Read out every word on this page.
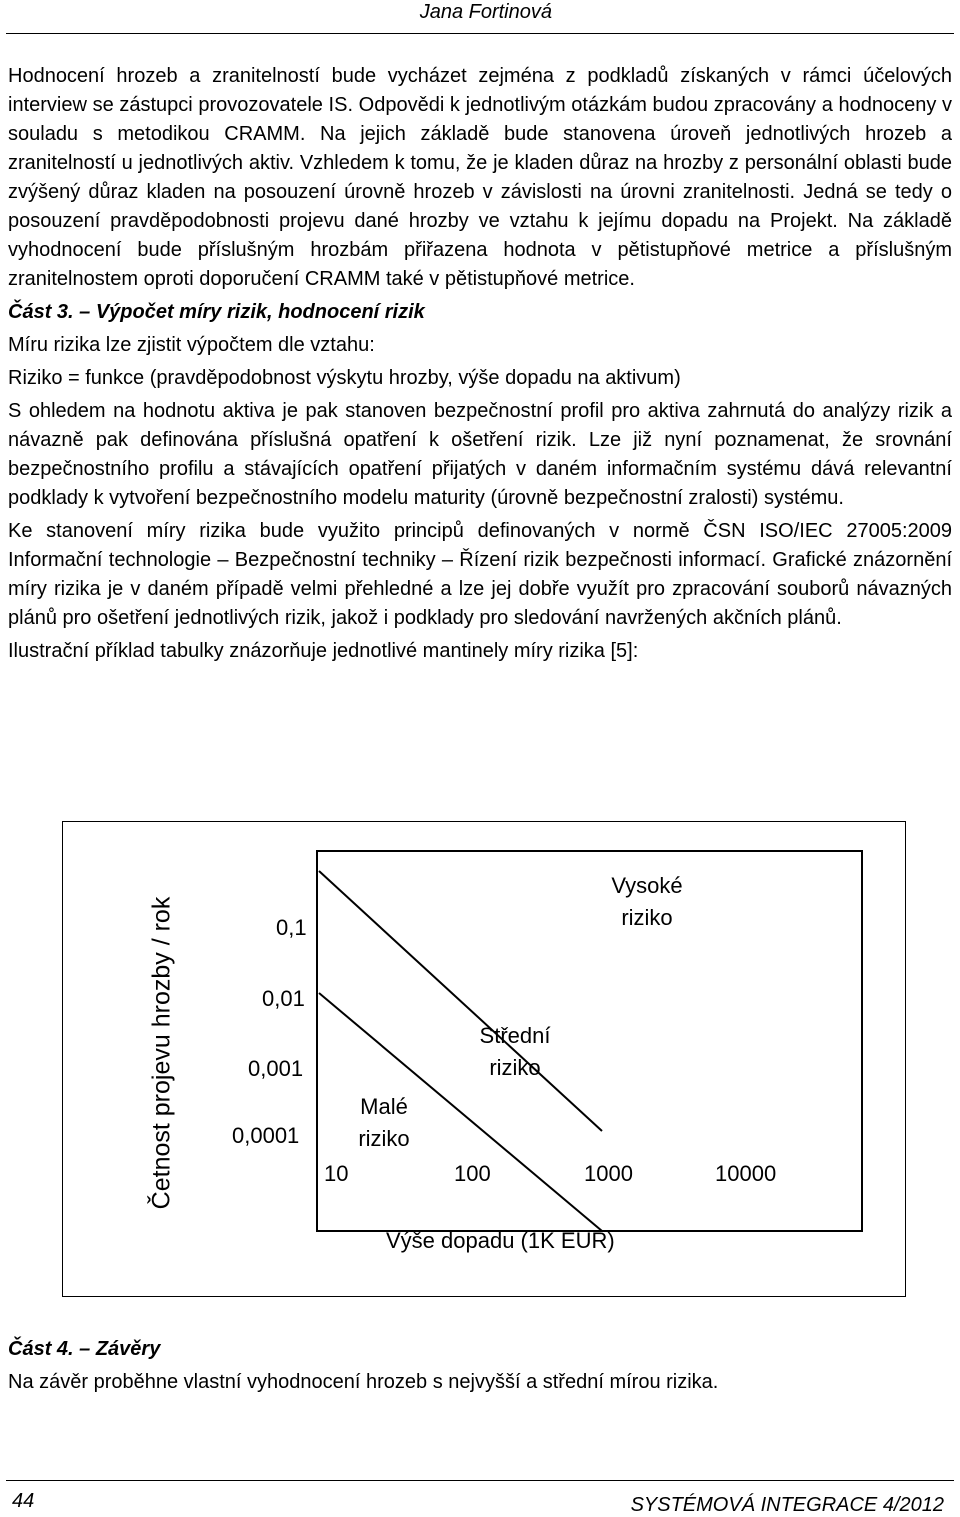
Jana Fortinová

Hodnocení hrozeb a zranitelností bude vycházet zejména z podkladů získaných v rámci účelových interview se zástupci provozovatele IS. Odpovědi k jednotlivým otázkám budou zpracovány a hodnoceny v souladu s metodikou CRAMM. Na jejich základě bude stanovena úroveň jednotlivých hrozeb a zranitelností u jednotlivých aktiv. Vzhledem k tomu, že je kladen důraz na hrozby z personální oblasti bude zvýšený důraz kladen na posouzení úrovně hrozeb v závislosti na úrovni zranitelnosti. Jedná se tedy o posouzení pravděpodobnosti projevu dané hrozby ve vztahu k jejímu dopadu na Projekt. Na základě vyhodnocení bude příslušným hrozbám přiřazena hodnota v pětistupňové metrice a příslušným zranitelnostem oproti doporučení CRAMM také v pětistupňové metrice.

Část 3. – Výpočet míry rizik, hodnocení rizik

Míru rizika lze zjistit výpočtem dle vztahu:

Riziko = funkce (pravděpodobnost výskytu hrozby, výše dopadu na aktivum)

S ohledem na hodnotu aktiva je pak stanoven bezpečnostní profil pro aktiva zahrnutá do analýzy rizik a návazně pak definována příslušná opatření k ošetření rizik. Lze již nyní poznamenat, že srovnání bezpečnostního profilu a stávajících opatření přijatých v daném informačním systému dává relevantní podklady k vytvoření bezpečnostního modelu maturity (úrovně bezpečnostní zralosti) systému.

Ke stanovení míry rizika bude využito principů definovaných v normě ČSN ISO/IEC 27005:2009 Informační technologie – Bezpečnostní techniky – Řízení rizik bezpečnosti informací. Grafické znázornění míry rizika je v daném případě velmi přehledné a lze jej dobře využít pro zpracování souborů návazných plánů pro ošetření jednotlivých rizik, jakož i podklady pro sledování navržených akčních plánů.

Ilustrační příklad tabulky znázorňuje jednotlivé mantinely míry rizika [5]:

Četnost projevu hrozby / rok	0,1
0,01
0,001
0,0001
10	100	1000	10000
Výše dopadu (1K EUR)
Vysoké
riziko
Střední
riziko
Malé
riziko
Část 4. – Závěry

Na závěr proběhne vlastní vyhodnocení hrozeb s nejvyšší a střední mírou rizika.

44	SYSTÉMOVÁ INTEGRACE 4/2012
